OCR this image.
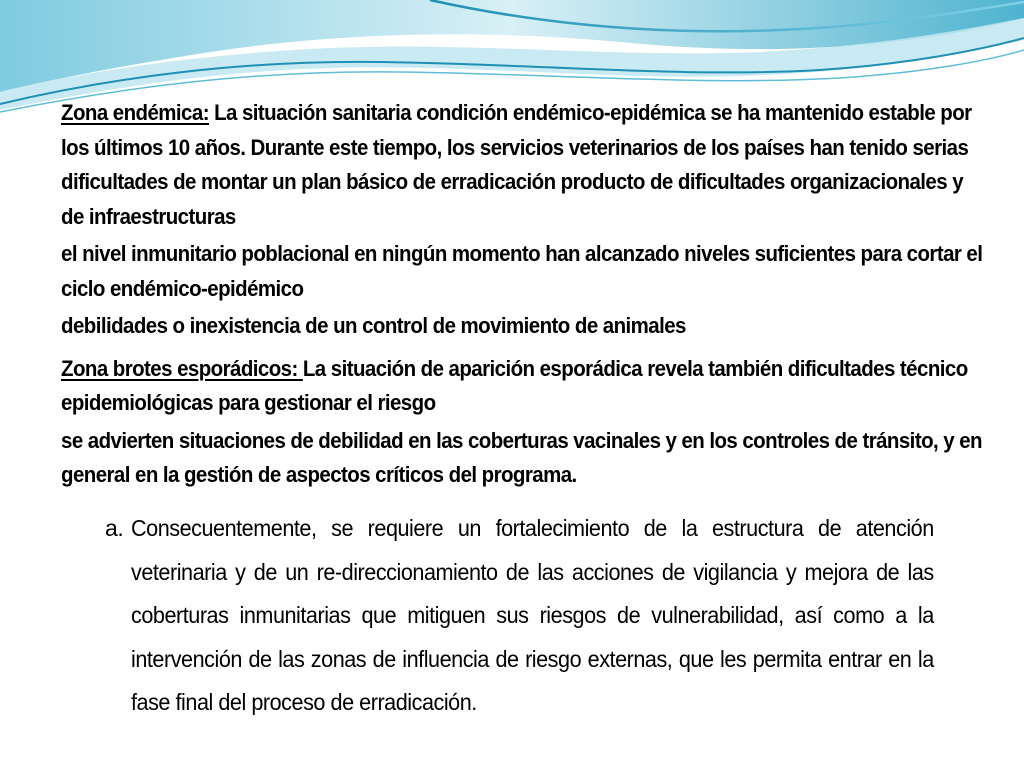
Zona endémica: La situación sanitaria condición endémico-epidémica se ha mantenido estable por los últimos 10 años. Durante este tiempo, los servicios veterinarios de los países han tenido serias dificultades de montar un plan básico de erradicación producto de dificultades organizacionales y de infraestructuras

el nivel inmunitario poblacional en ningún momento han alcanzado niveles suficientes para cortar el ciclo endémico-epidémico

debilidades o inexistencia de un control de movimiento de animales

Zona brotes esporádicos: La situación de aparición esporádica revela también dificultades técnico epidemiológicas para gestionar el riesgo

se advierten situaciones de debilidad en las coberturas vacinales y en los controles de tránsito, y en general en la gestión de aspectos críticos del programa.

a. Consecuentemente, se requiere un fortalecimiento de la estructura de atención veterinaria y de un re-direccionamiento de las acciones de vigilancia y mejora de las coberturas inmunitarias que mitiguen sus riesgos de vulnerabilidad, así como a la intervención de las zonas de influencia de riesgo externas, que les permita entrar en la fase final del proceso de erradicación.
